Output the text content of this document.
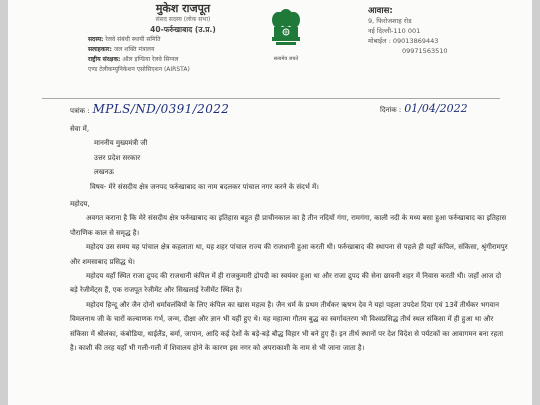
मुकेश राजपूत
संसद सदस्य (लोक सभा)
40-फर्रुखाबाद (उ.प्र.)
सदस्य: रेलवे संबंधी स्थायी समिति
सलाहकार: जल शक्ति मंत्रालय
राष्ट्रीय संरक्षक: ऑल इण्डिया रेलवे सिग्नल
एण्ड टेलीकम्युनिकेशन एसोसिएशन (AIRSTA)
सत्यमेव जयते
आवास:
9, फिरोजशाह रोड
नई दिल्ली-110 001
मोबाईल : 09013869443
09971563510
पत्रांक : MPLS/ND/0391/2022	दिनांक : 01/04/2022

सेवा में,

माननीय मुख्यमंत्री जी

उत्तर प्रदेश सरकार

लखनऊ

विषय- मेरे संसदीय क्षेत्र जनपद फर्रुखाबाद का नाम बदलकर पांचाल नगर करने के संदर्भ में।

महोदय,

अवगत कराना है कि मेरे संसदीय क्षेत्र फर्रुखाबाद का इतिहास बहुत ही प्राचीनकाल का है तीन नदियों गंगा, रामगंगा, काली नदी के मध्य बसा हुआ फर्रुखाबाद का इतिहास पौराणिक काल से समृद्ध है।

महोदय उस समय यह पांचाल क्षेत्र कहलाता था, यह शहर पांचाल राज्य की राजधानी हुआ करती थी। फर्रुखाबाद की स्थापना से पहले ही यहाँ कंपिल, संकिसा, श्रृंगीरामपुर और शमसाबाद प्रसिद्ध थे।

महोदय यहाँ स्थित राजा द्रुपद की राजधानी कंपिल में ही राजकुमारी द्रोपदी का स्वयंवर हुआ था और राजा द्रुपद की सेना छावनी शहर में निवास करती थी। जहाँ आज दो बड़े रेजीमेंट्स हैं, एक राजपूत रेजीमेंट और सिखलाई रेजीमेंट स्थित है।

महोदय हिन्दू और जैन दोनों धर्मावलंबियों के लिए कंपिल का खास महत्व है। जैन धर्म के प्रथम तीर्थंकर ऋषभ देव ने यहां पहला उपदेश दिया एवं 13वें तीर्थंकर भगवान विमलनाथ जी के चारों कल्याणक गर्भ, जन्म, दीक्षा और ज्ञान भी यहीं हुए थे। यह महात्मा गौतम बुद्ध का स्वर्गावतरण भी विश्वप्रसिद्ध तीर्थ स्थल संकिसा में ही हुआ था और संकिसा में श्रीलंका, कंबोडिया, थाईलैंड, बर्मा, जापान, आदि कई देशों के बड़े-बड़े बौद्ध विहार भी बने हुए हैं। इन तीर्थ स्थानों पर देश विदेश से पर्यटकों का आवागमन बना रहता है। काशी की तरह यहाँ भी गली-गली में शिवालय होने के कारण इस नगर को अपराकाशी के नाम से भी जाना जाता है।
